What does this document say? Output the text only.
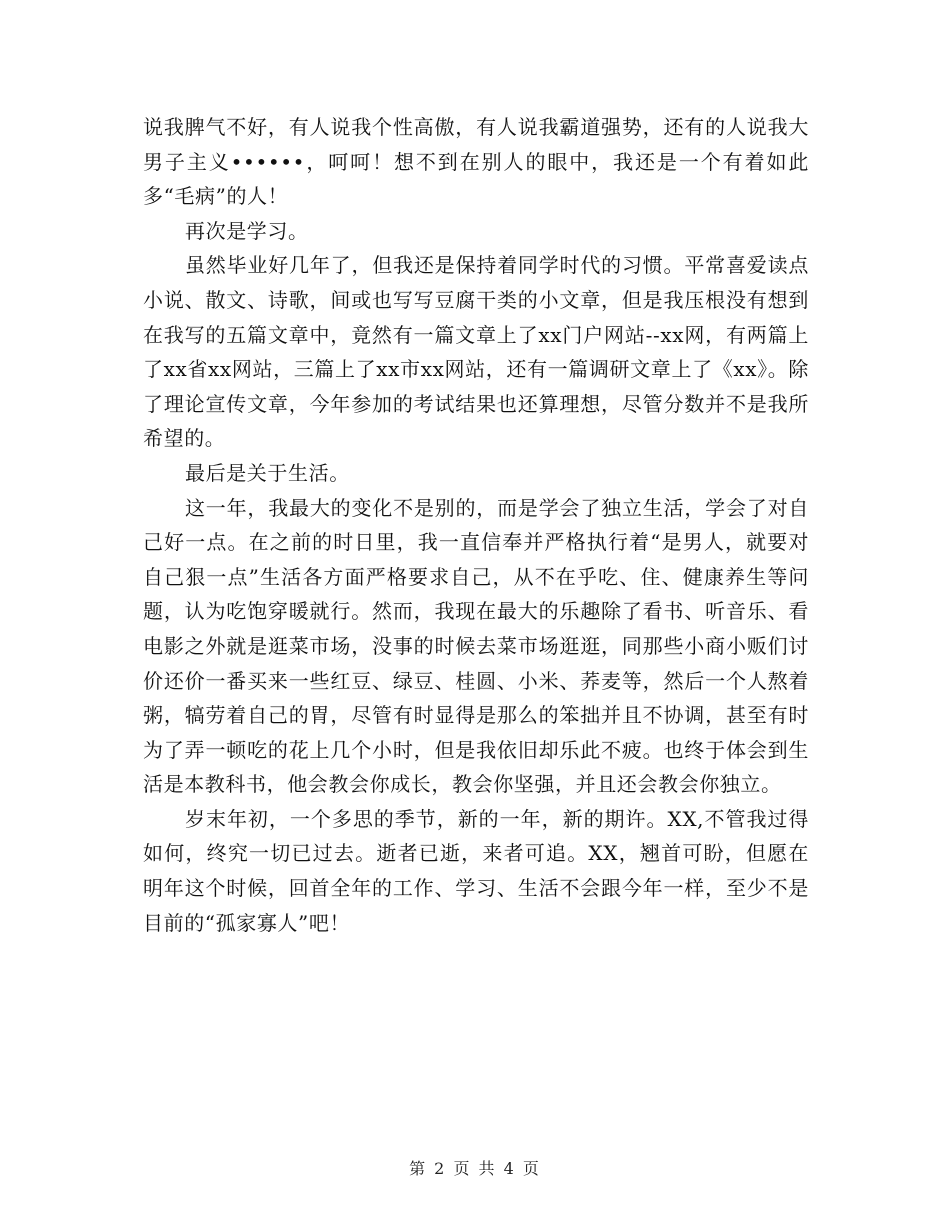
说我脾气不好，有人说我个性高傲，有人说我霸道强势，还有的人说我大男子主义••••••，呵呵！想不到在别人的眼中，我还是一个有着如此多“毛病”的人！

再次是学习。

虽然毕业好几年了，但我还是保持着同学时代的习惯。平常喜爱读点小说、散文、诗歌，间或也写写豆腐干类的小文章，但是我压根没有想到在我写的五篇文章中，竟然有一篇文章上了xx门户网站--xx网，有两篇上了xx省xx网站，三篇上了xx市xx网站，还有一篇调研文章上了《xx》。除了理论宣传文章，今年参加的考试结果也还算理想，尽管分数并不是我所希望的。

最后是关于生活。

这一年，我最大的变化不是别的，而是学会了独立生活，学会了对自己好一点。在之前的时日里，我一直信奉并严格执行着“是男人，就要对自己狠一点”生活各方面严格要求自己，从不在乎吃、住、健康养生等问题，认为吃饱穿暖就行。然而，我现在最大的乐趣除了看书、听音乐、看电影之外就是逛菜市场，没事的时候去菜市场逛逛，同那些小商小贩们讨价还价一番买来一些红豆、绿豆、桂圆、小米、荞麦等，然后一个人熬着粥，犒劳着自己的胃，尽管有时显得是那么的笨拙并且不协调，甚至有时为了弄一顿吃的花上几个小时，但是我依旧却乐此不疲。也终于体会到生活是本教科书，他会教会你成长，教会你坚强，并且还会教会你独立。

岁末年初，一个多思的季节，新的一年，新的期许。XX,不管我过得如何，终究一切已过去。逝者已逝，来者可追。XX，翘首可盼，但愿在明年这个时候，回首全年的工作、学习、生活不会跟今年一样，至少不是目前的“孤家寡人”吧！

第 2 页 共 4 页
